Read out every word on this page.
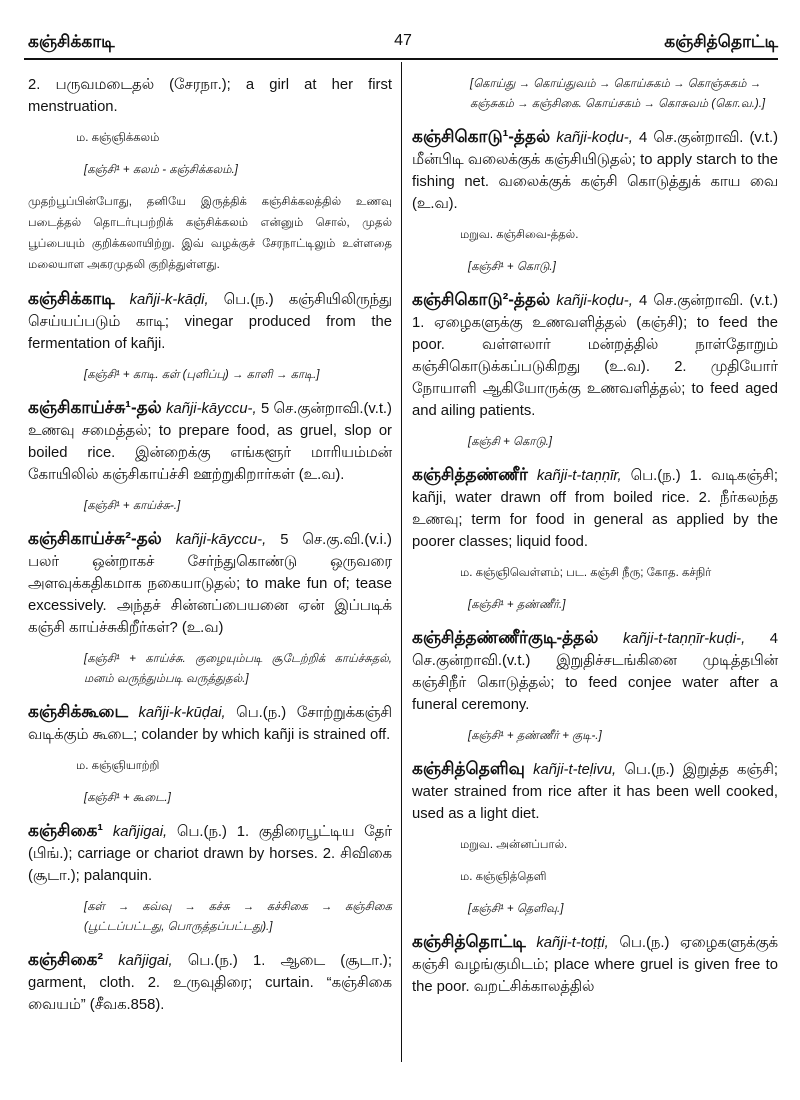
கஞ்சிக்காடி	47	கஞ்சித்தொட்டி

2. பருவமடைதல் (சேரநா.); a girl at her first menstruation.

ம. கஞ்ஞிக்கலம்

[கஞ்சி¹ + கலம் - கஞ்சிக்கலம்.]

முதற்பூப்பின்போது, தனியே இருத்திக் கஞ்சிக்கலத்தில் உணவு படைத்தல் தொடர்புபற்றிக் கஞ்சிக்கலம் என்னும் சொல், முதல் பூப்பையும் குறிக்கலாயிற்று. இவ் வழக்குச் சேரநாட்டிலும் உள்ளதை மலையாள அகரமுதலி குறித்துள்ளது.

கஞ்சிக்காடி kañji-k-kāḍi, பெ.(ந.) கஞ்சியிலிருந்து செய்யப்படும் காடி; vinegar produced from the fermentation of kañji.

[கஞ்சி¹ + காடி. கள் (புளிப்பு) → காளி → காடி.]

கஞ்சிகாய்ச்சு¹-தல் kañji-kāyccu-, 5 செ.குன்றாவி.(v.t.) உணவு சமைத்தல்; to prepare food, as gruel, slop or boiled rice. இன்றைக்கு எங்களூர் மாரியம்மன் கோயிலில் கஞ்சிகாய்ச்சி ஊற்றுகிறார்கள் (உ.வ).

[கஞ்சி¹ + காய்ச்சு-.]

கஞ்சிகாய்ச்சு²-தல் kañji-kāyccu-, 5 செ.கு.வி.(v.i.) பலர் ஒன்றாகச் சேர்ந்துகொண்டு ஒருவரை அளவுக்கதிகமாக நகையாடுதல்; to make fun of; tease excessively. அந்தச் சின்னப்பையனை ஏன் இப்படிக் கஞ்சி காய்ச்சுகிறீர்கள்? (உ.வ)

[கஞ்சி¹ + காய்ச்சு. குழையும்படி சூடேற்றிக் காய்ச்சுதல், மனம் வருந்தும்படி வருத்துதல்.]

கஞ்சிக்கூடை kañji-k-kūḍai, பெ.(ந.) சோற்றுக்கஞ்சி வடிக்கும் கூடை; colander by which kañji is strained off.

ம. கஞ்ஞியாற்றி

[கஞ்சி¹ + கூடை.]

கஞ்சிகை¹ kañjigai, பெ.(ந.) 1. குதிரைபூட்டிய தேர் (பிங்.); carriage or chariot drawn by horses. 2. சிவிகை (சூடா.); palanquin.

[கள் → கவ்வு → கச்சு → கச்சிகை → கஞ்சிகை (பூட்டப்பட்டது, பொருத்தப்பட்டது).]

கஞ்சிகை² kañjigai, பெ.(ந.) 1. ஆடை (சூடா.); garment, cloth. 2. உருவுதிரை; curtain. “கஞ்சிகை வையம்” (சீவக.858).

[கொய்து → கொய்துவம் → கொய்சுகம் → கொஞ்சுகம் → கஞ்சுகம் → கஞ்சிகை. கொய்சகம் → கொசுவம் (கொ.வ.).]

கஞ்சிகொடு¹-த்தல் kañji-koḍu-, 4 செ.குன்றாவி. (v.t.) மீன்பிடி வலைக்குக் கஞ்சியிடுதல்; to apply starch to the fishing net. வலைக்குக் கஞ்சி கொடுத்துக் காய வை (உ.வ).

மறுவ. கஞ்சிவை-த்தல்.

[கஞ்சி¹ + கொடு.]

கஞ்சிகொடு²-த்தல் kañji-koḍu-, 4 செ.குன்றாவி. (v.t.) 1. ஏழைகளுக்கு உணவளித்தல் (கஞ்சி); to feed the poor. வள்ளலார் மன்றத்தில் நாள்தோறும் கஞ்சிகொடுக்கப்படுகிறது (உ.வ). 2. முதியோர் நோயாளி ஆகியோருக்கு உணவளித்தல்; to feed aged and ailing patients.

[கஞ்சி + கொடு.]

கஞ்சித்தண்ணீர் kañji-t-taṇṇīr, பெ.(ந.) 1. வடிகஞ்சி; kañji, water drawn off from boiled rice. 2. நீர்கலந்த உணவு; term for food in general as applied by the poorer classes; liquid food.

ம. கஞ்ஞிவெள்ளம்; பட. கஞ்சி நீரு; கோத. கச்நிர்

[கஞ்சி¹ + தண்ணீர்.]

கஞ்சித்தண்ணீர்குடி-த்தல் kañji-t-taṇṇīr-kuḍi-, 4 செ.குன்றாவி.(v.t.) இறுதிச்சடங்கினை முடித்தபின் கஞ்சிநீர் கொடுத்தல்; to feed conjee water after a funeral ceremony.

[கஞ்சி¹ + தண்ணீர் + குடி-.]

கஞ்சித்தெளிவு kañji-t-teḷivu, பெ.(ந.) இறுத்த கஞ்சி; water strained from rice after it has been well cooked, used as a light diet.

மறுவ. அன்னப்பால்.

ம. கஞ்ஞித்தெளி

[கஞ்சி¹ + தெளிவு.]

கஞ்சித்தொட்டி kañji-t-toṭṭi, பெ.(ந.) ஏழைகளுக்குக் கஞ்சி வழங்குமிடம்; place where gruel is given free to the poor. வறட்சிக்காலத்தில்
